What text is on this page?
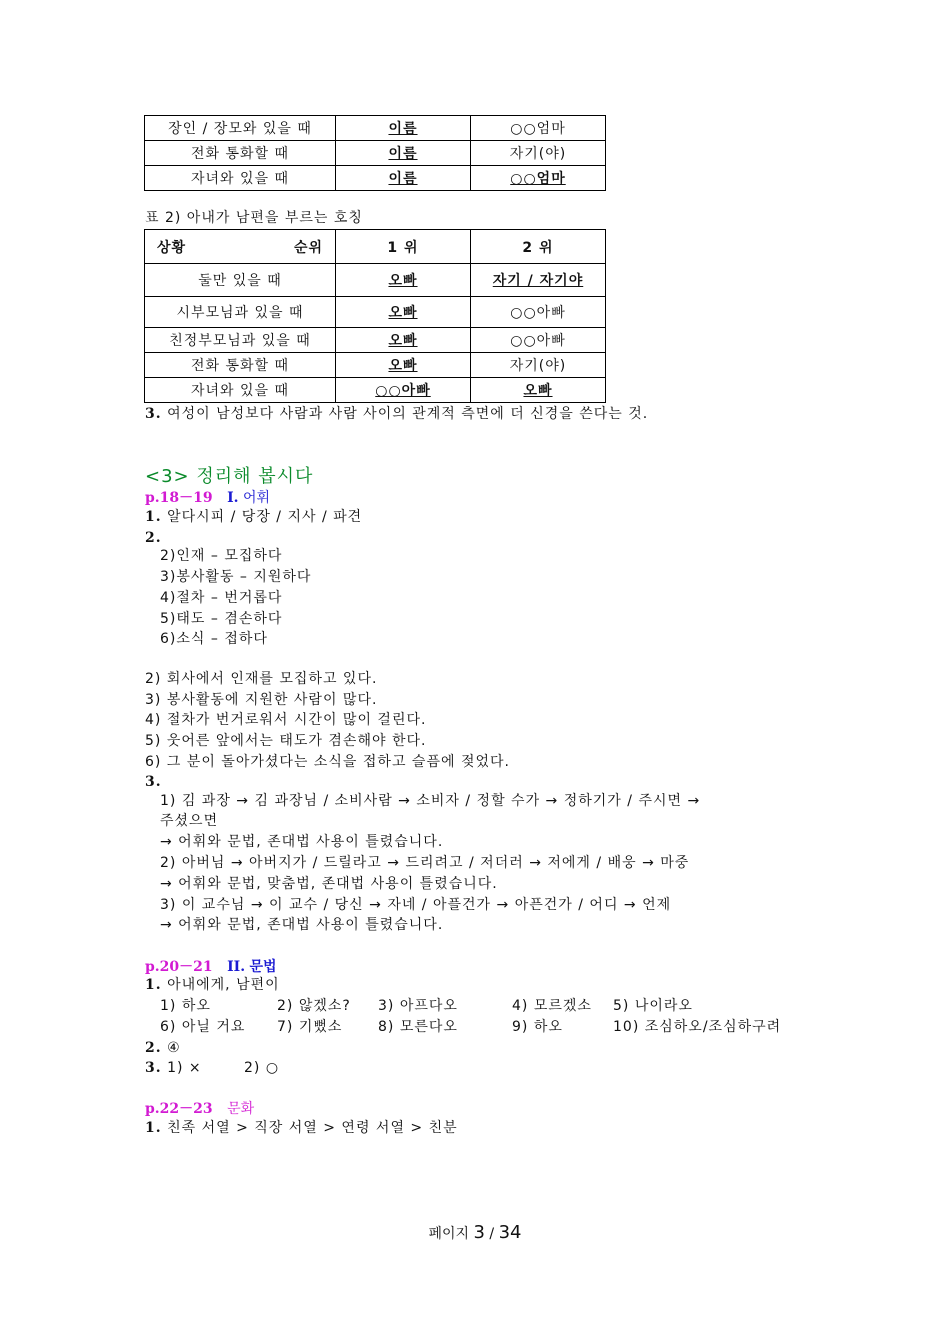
장인 / 장모와 있을 때	이름	○○엄마
전화 통화할 때	이름	자기(야)
자녀와 있을 때	이름	○○엄마
표 2) 아내가 남편을 부르는 호칭
상황 순위	1 위	2 위
둘만 있을 때	오빠	자기 / 자기야
시부모님과 있을 때	오빠	○○아빠
친정부모님과 있을 때	오빠	○○아빠
전화 통화할 때	오빠	자기(야)
자녀와 있을 때	○○아빠	오빠
3. 여성이 남성보다 사람과 사람 사이의 관계적 측면에 더 신경을 쓴다는 것.
<3> 정리해 봅시다
p.18－19 I. 어휘
1. 알다시피 / 당장 / 지사 / 파견
2.
2)인재 – 모집하다
3)봉사활동 – 지원하다
4)절차 – 번거롭다
5)태도 – 겸손하다
6)소식 – 접하다
2) 회사에서 인재를 모집하고 있다.
3) 봉사활동에 지원한 사람이 많다.
4) 절차가 번거로워서 시간이 많이 걸린다.
5) 웃어른 앞에서는 태도가 겸손해야 한다.
6) 그 분이 돌아가셨다는 소식을 접하고 슬픔에 젖었다.
3.
1) 김 과장 → 김 과장님 / 소비사람 → 소비자 / 정할 수가 → 정하기가 / 주시면 →
주셨으면
→ 어휘와 문법, 존대법 사용이 틀렸습니다.
2) 아버님 → 아버지가 / 드릴라고 → 드리려고 / 저더러 → 저에게 / 배웅 → 마중
→ 어휘와 문법, 맞춤법, 존대법 사용이 틀렸습니다.
3) 이 교수님 → 이 교수 / 당신 → 자네 / 아플건가 → 아픈건가 / 어디 → 언제
→ 어휘와 문법, 존대법 사용이 틀렸습니다.
p.20－21 II. 문법
1. 아내에게, 남편이
1) 하오	2) 않겠소? 3) 아프다오	4) 모르겠소 5) 나이라오
6) 아닐 거요 7) 기뻤소	8) 모른다오	9) 하오	10) 조심하오/조심하구려
2. ④
3. 1) ×	2) ○
p.22－23 문화
1. 친족 서열 > 직장 서열 > 연령 서열 > 친분
페이지 3 / 34
